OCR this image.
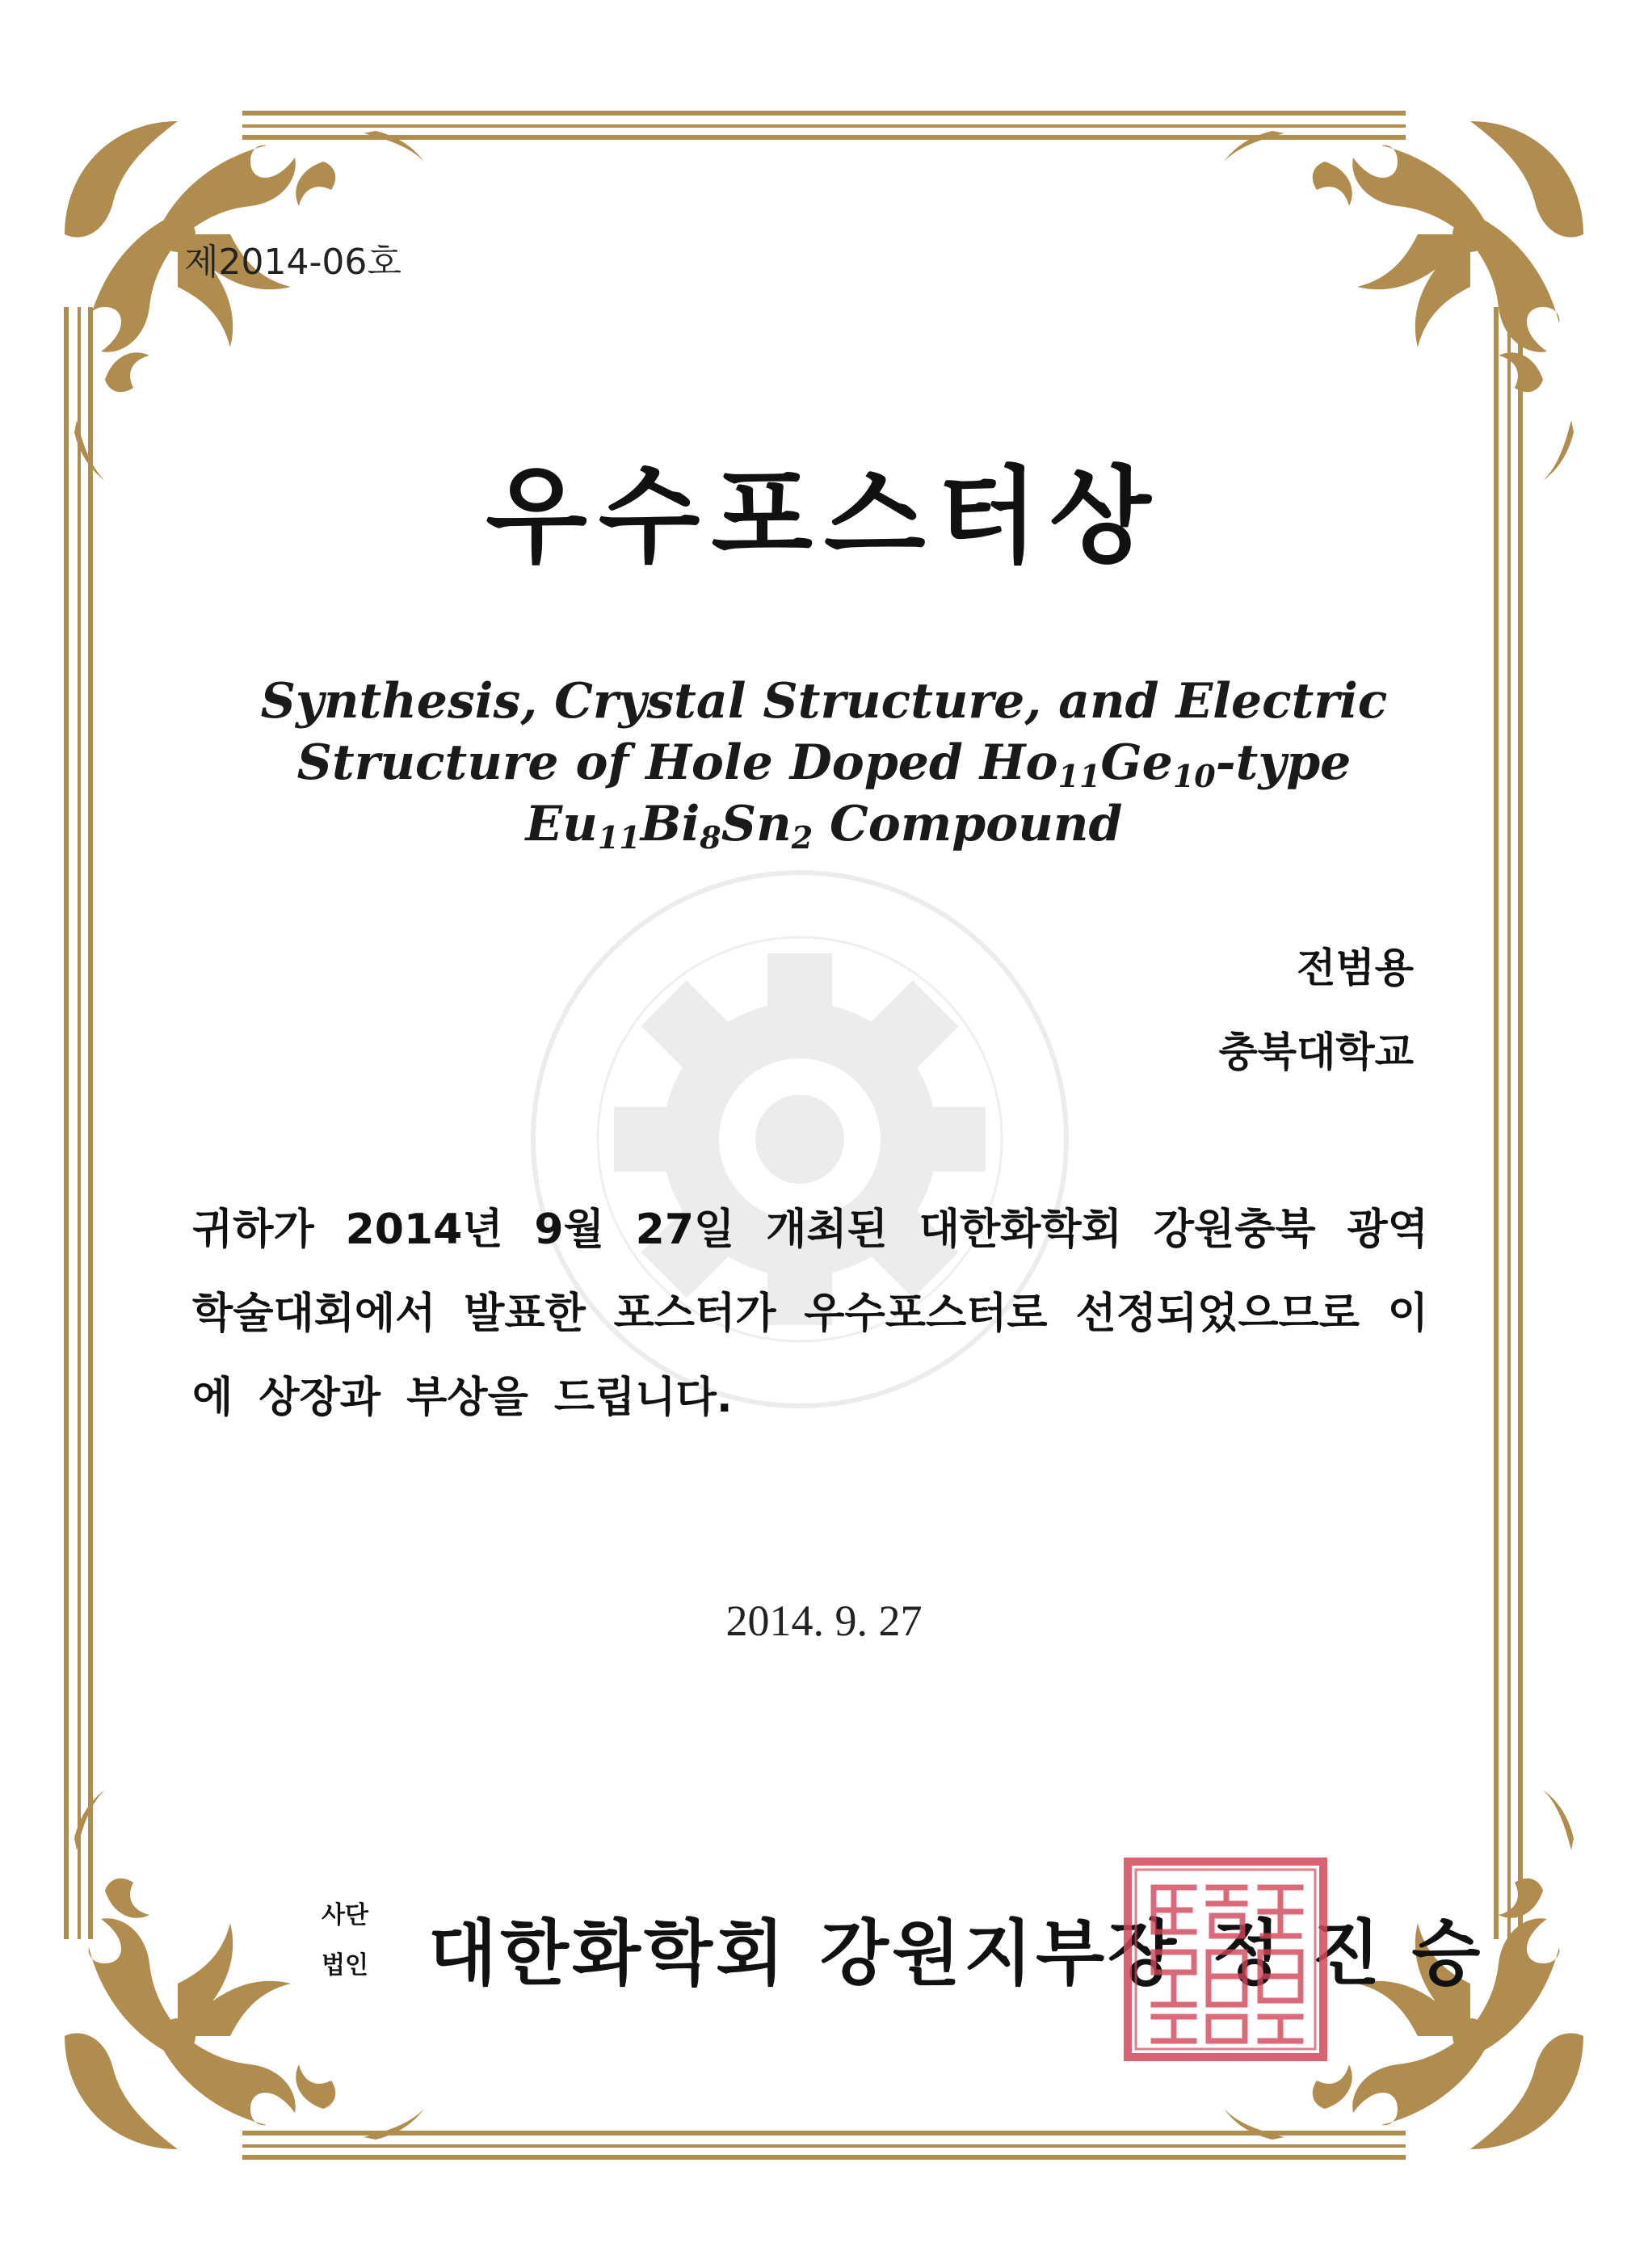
제2014-06호
우수포스터상
Synthesis, Crystal Structure, and Electric
Structure of Hole Doped $Ho_{11}Ge_{10}$-type
$Eu_{11}Bi_8Sn_2$ Compound
전범용
충북대학교
귀하가 2014년 9월 27일 개최된 대한화학회 강원충북 광역학술대회에서 발표한 포스터가 우수포스터로 선정되었으므로 이에 상장과 부상을 드립니다.
2014. 9. 27
사단
법인 대한화학회 강원지부장 정 진 승
